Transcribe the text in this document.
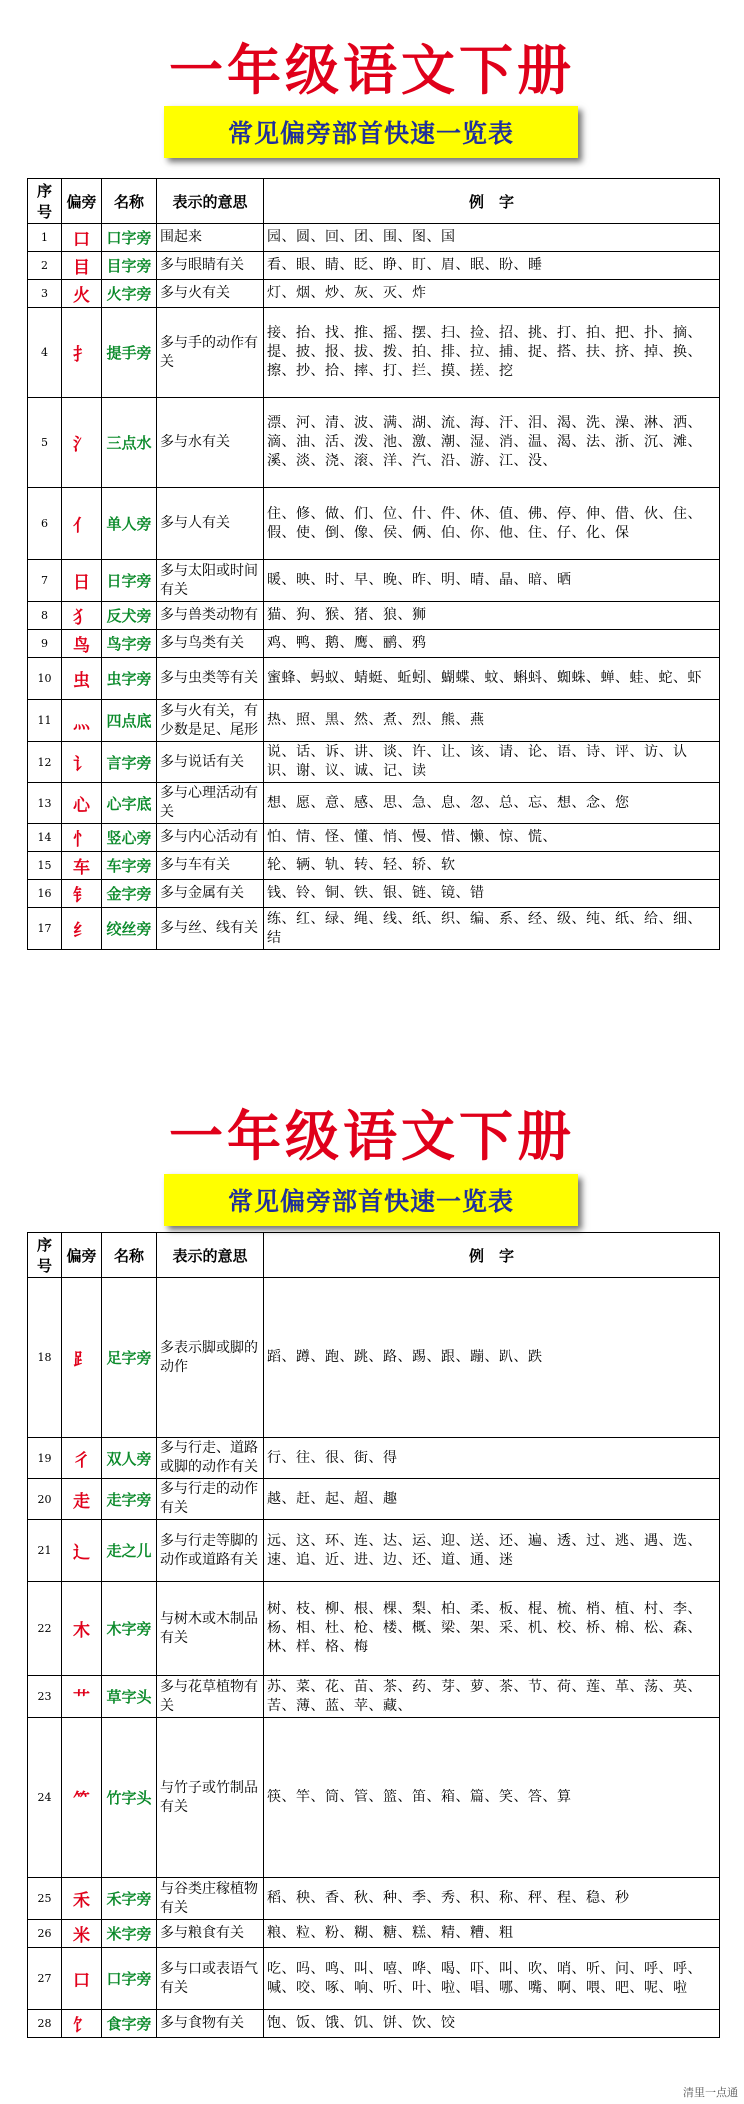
一年级语文下册
常见偏旁部首快速一览表
序号	偏旁	名称	表示的意思	例　字
1	口	口字旁	围起来	园、圆、回、团、围、图、国
2	目	目字旁	多与眼睛有关	看、眼、睛、眨、睁、盯、眉、眠、盼、睡
3	火	火字旁	多与火有关	灯、烟、炒、灰、灭、炸
4	扌	提手旁	多与手的动作有关	接、抬、找、推、摇、摆、扫、捡、招、挑、打、拍、把、扑、摘、提、披、报、拔、拨、拍、排、拉、捕、捉、搭、扶、挤、掉、换、擦、抄、拾、摔、打、拦、摸、搓、挖
5	氵	三点水	多与水有关	漂、河、清、波、满、湖、流、海、汗、泪、渴、洗、澡、淋、洒、滴、油、活、泼、池、激、潮、湿、消、温、渴、法、浙、沉、滩、溪、淡、浇、滚、洋、汽、沿、游、江、没、
6	亻	单人旁	多与人有关	住、修、做、们、位、什、件、休、值、佛、停、伸、借、伙、住、假、使、倒、像、侯、俩、伯、你、他、住、仔、化、保
7	日	日字旁	多与太阳或时间有关	暖、映、时、早、晚、昨、明、晴、晶、暗、晒
8	犭	反犬旁	多与兽类动物有	猫、狗、猴、猪、狼、狮
9	鸟	鸟字旁	多与鸟类有关	鸡、鸭、鹅、鹰、鹂、鸦
10	虫	虫字旁	多与虫类等有关	蜜蜂、蚂蚁、蜻蜓、蚯蚓、蝴蝶、蚊、蝌蚪、蜘蛛、蝉、蛙、蛇、虾
11	灬	四点底	多与火有关，有少数是足、尾形	热、照、黑、然、煮、烈、熊、燕
12	讠	言字旁	多与说话有关	说、话、诉、讲、谈、许、让、该、请、论、语、诗、评、访、认识、谢、议、诚、记、读
13	心	心字底	多与心理活动有关	想、愿、意、感、思、急、息、忽、总、忘、想、念、您
14	忄	竖心旁	多与内心活动有	怕、情、怪、懂、悄、慢、惜、懒、惊、慌、
15	车	车字旁	多与车有关	轮、辆、轨、转、轻、轿、软
16	钅	金字旁	多与金属有关	钱、铃、铜、铁、银、链、镜、错
17	纟	绞丝旁	多与丝、线有关	练、红、绿、绳、线、纸、织、编、系、经、级、纯、纸、给、细、结
一年级语文下册
常见偏旁部首快速一览表
序号	偏旁	名称	表示的意思	例　字
18	⻊	足字旁	多表示脚或脚的动作	蹈、蹲、跑、跳、路、踢、跟、蹦、趴、跌
19	彳	双人旁	多与行走、道路或脚的动作有关	行、往、很、街、得
20	走	走字旁	多与行走的动作有关	越、赶、起、超、趣
21	辶	走之儿	多与行走等脚的动作或道路有关	远、这、环、连、达、运、迎、送、还、遍、透、过、逃、遇、选、速、追、近、进、边、还、道、通、迷
22	木	木字旁	与树木或木制品有关	树、枝、柳、根、棵、梨、柏、柔、板、棍、梳、梢、植、村、李、杨、相、杜、枪、楼、概、梁、架、采、机、校、桥、棉、松、森、林、样、格、梅
23	艹	草字头	多与花草植物有关	苏、菜、花、苗、茶、药、芽、萝、茶、节、荷、莲、革、荡、英、苦、薄、蓝、苹、藏、
24	⺮	竹字头	与竹子或竹制品有关	筷、竿、筒、管、篮、笛、箱、篇、笑、答、算
25	禾	禾字旁	与谷类庄稼植物有关	稻、秧、香、秋、种、季、秀、积、称、秤、程、稳、秒
26	米	米字旁	多与粮食有关	粮、粒、粉、糊、糖、糕、精、糟、粗
27	口	口字旁	多与口或表语气有关	吃、吗、鸣、叫、嘻、哗、喝、吓、叫、吹、哨、听、问、呼、呼、喊、咬、啄、响、听、叶、啦、唱、哪、嘴、啊、喂、吧、呢、啦
28	饣	食字旁	多与食物有关	饱、饭、饿、饥、饼、饮、饺
清里一点通
